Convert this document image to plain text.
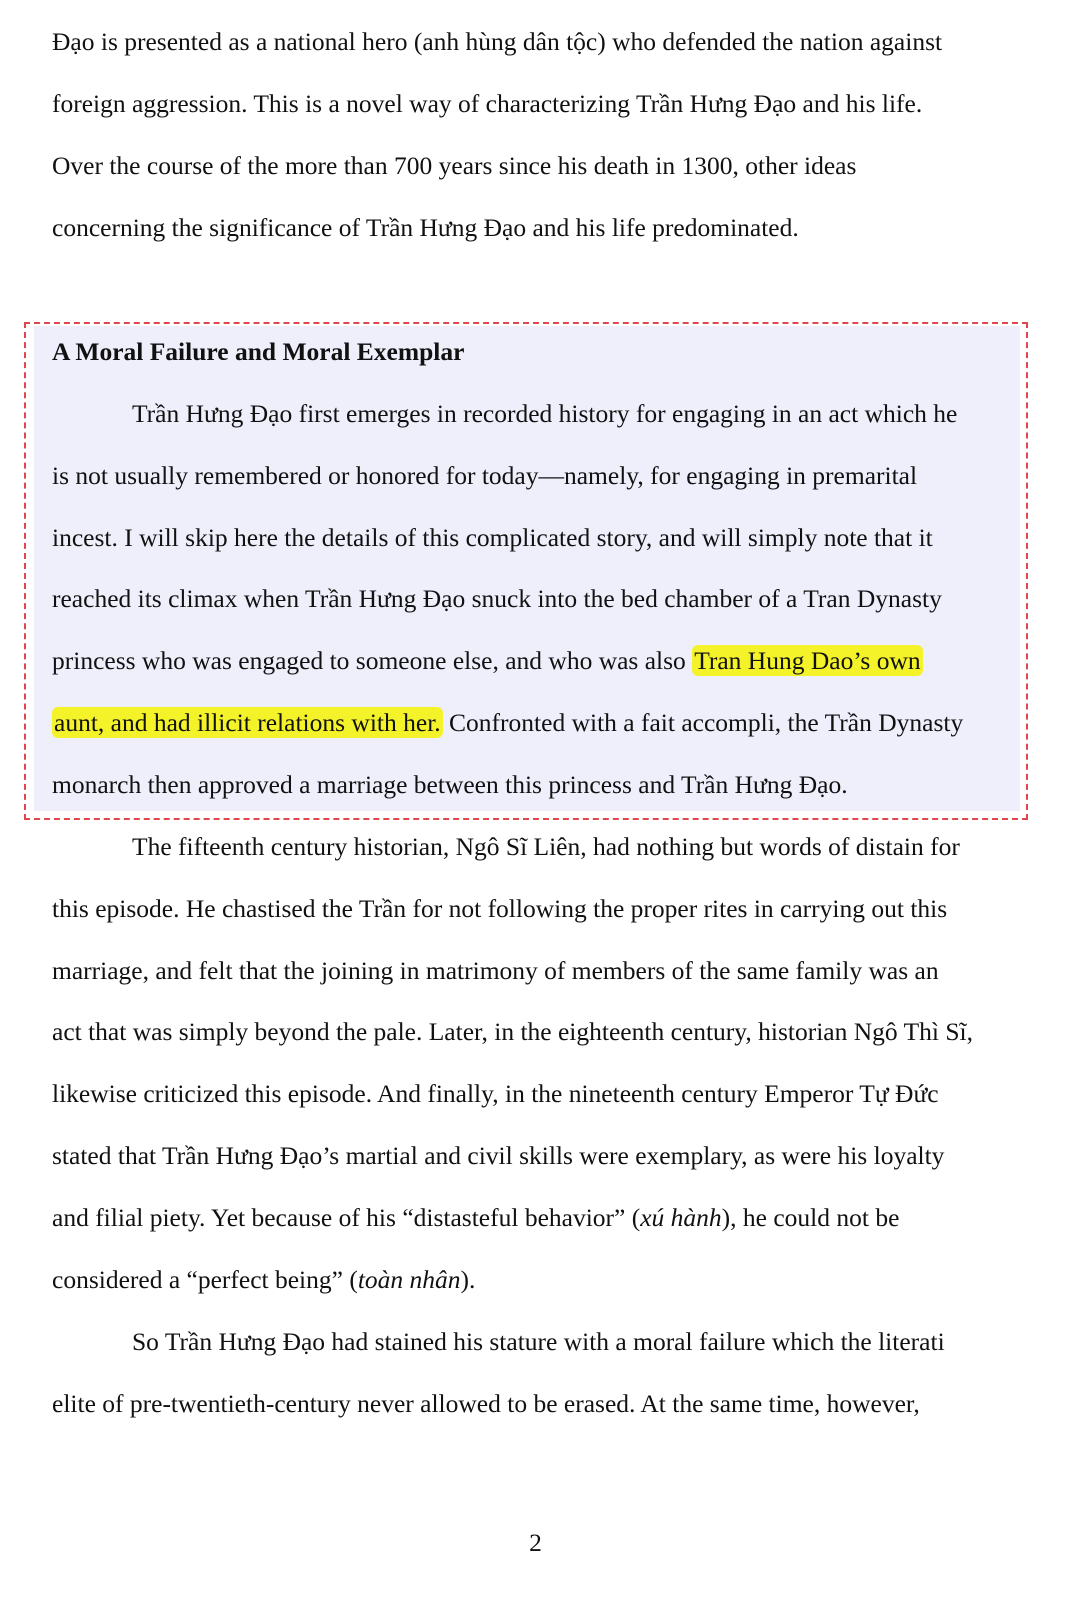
Đạo is presented as a national hero (anh hùng dân tộc) who defended the nation against
foreign aggression. This is a novel way of characterizing Trần Hưng Đạo and his life.
Over the course of the more than 700 years since his death in 1300, other ideas
concerning the significance of Trần Hưng Đạo and his life predominated.
A Moral Failure and Moral Exemplar
Trần Hưng Đạo first emerges in recorded history for engaging in an act which he
is not usually remembered or honored for today—namely, for engaging in premarital
incest. I will skip here the details of this complicated story, and will simply note that it
reached its climax when Trần Hưng Đạo snuck into the bed chamber of a Tran Dynasty
princess who was engaged to someone else, and who was also Tran Hung Dao’s own
aunt, and had illicit relations with her. Confronted with a fait accompli, the Trần Dynasty
monarch then approved a marriage between this princess and Trần Hưng Đạo.
The fifteenth century historian, Ngô Sĩ Liên, had nothing but words of distain for
this episode. He chastised the Trần for not following the proper rites in carrying out this
marriage, and felt that the joining in matrimony of members of the same family was an
act that was simply beyond the pale. Later, in the eighteenth century, historian Ngô Thì Sĩ,
likewise criticized this episode. And finally, in the nineteenth century Emperor Tự Đức
stated that Trần Hưng Đạo’s martial and civil skills were exemplary, as were his loyalty
and filial piety. Yet because of his “distasteful behavior” (xú hành), he could not be
considered a “perfect being” (toàn nhân).
So Trần Hưng Đạo had stained his stature with a moral failure which the literati
elite of pre-twentieth-century never allowed to be erased. At the same time, however,
2
